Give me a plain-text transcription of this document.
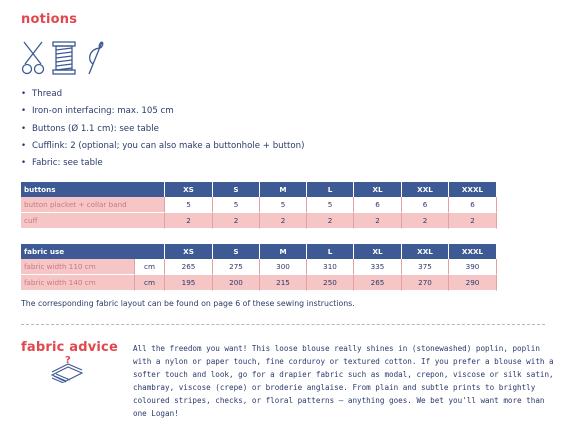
notions
• Thread
• Iron-on interfacing: max. 105 cm
• Buttons (Ø 1.1 cm): see table
• Cufflink: 2 (optional; you can also make a buttonhole + button)
• Fabric: see table
buttons	XS	S	M	L	XL	XXL	XXXL
button placket + collar band	5	5	5	5	6	6	6
cuff	2	2	2	2	2	2	2
fabric use		XS	S	M	L	XL	XXL	XXXL
fabric width 110 cm	cm	265	275	300	310	335	375	390
fabric width 140 cm	cm	195	200	215	250	265	270	290
The corresponding fabric layout can be found on page 6 of these sewing instructions.
fabric advice
?
All the freedom you want! This loose blouse really shines in (stonewashed) poplin, poplin
with a nylon or paper touch, fine corduroy or textured cotton. If you prefer a blouse with a
softer touch and look, go for a drapier fabric such as modal, crepon, viscose or silk satin,
chambray, viscose (crepe) or broderie anglaise. From plain and subtle prints to brightly
coloured stripes, checks, or floral patterns – anything goes. We bet you'll want more than
one Logan!
